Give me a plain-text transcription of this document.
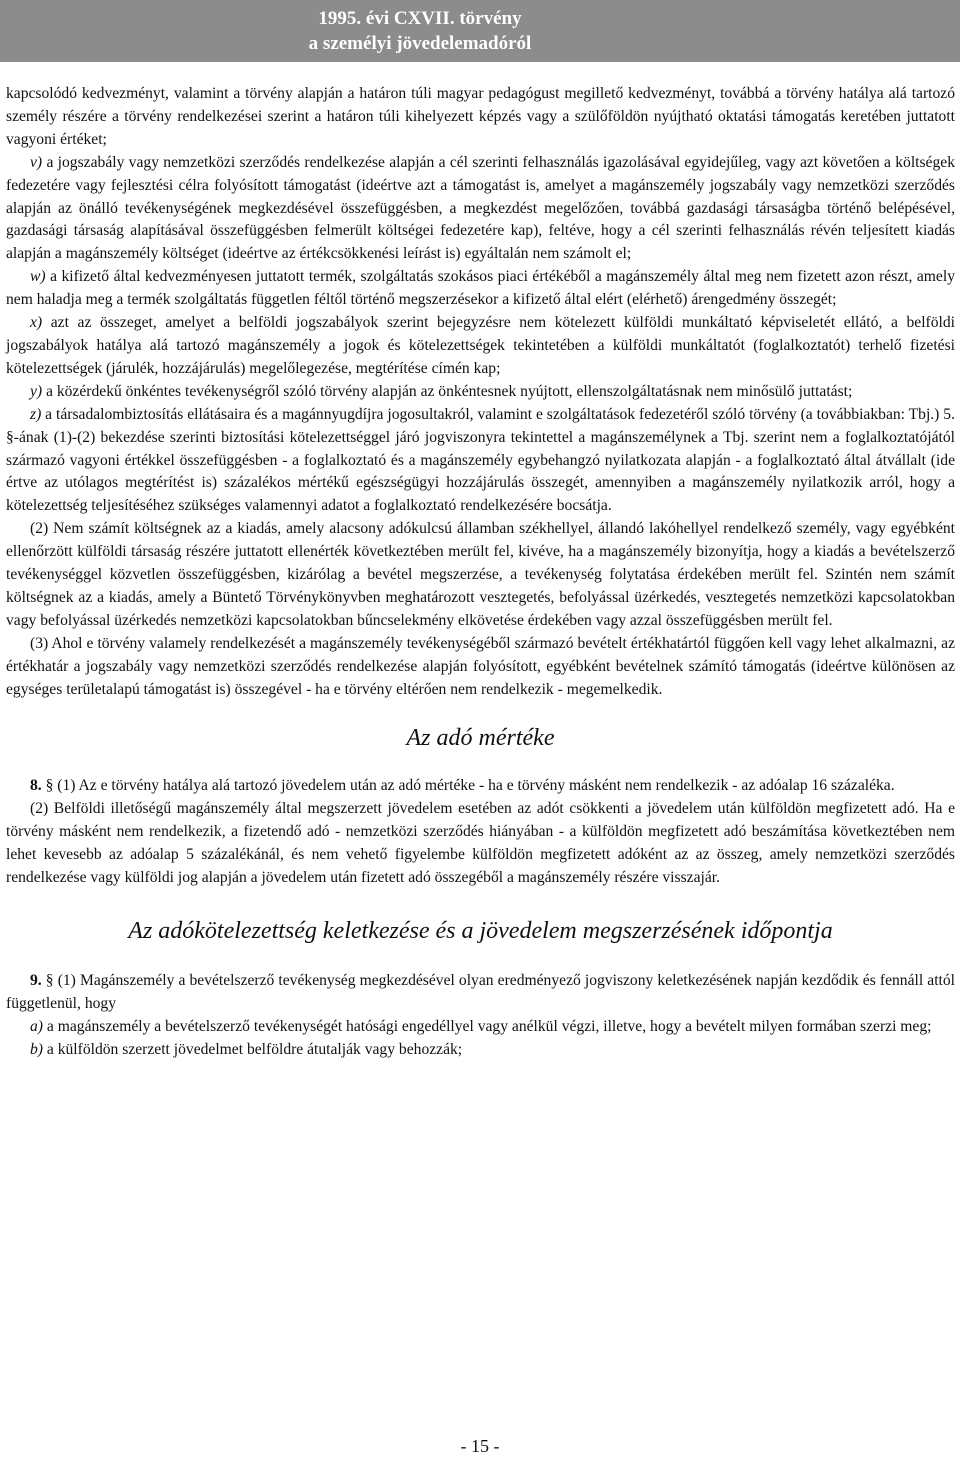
1995. évi CXVII. törvény
a személyi jövedelemadóról

kapcsolódó kedvezményt, valamint a törvény alapján a határon túli magyar pedagógust megillető kedvezményt, továbbá a törvény hatálya alá tartozó személy részére a törvény rendelkezései szerint a határon túli kihelyezett képzés vagy a szülőföldön nyújtható oktatási támogatás keretében juttatott vagyoni értéket;

v) a jogszabály vagy nemzetközi szerződés rendelkezése alapján a cél szerinti felhasználás igazolásával egyidejűleg, vagy azt követően a költségek fedezetére vagy fejlesztési célra folyósított támogatást (ideértve azt a támogatást is, amelyet a magánszemély jogszabály vagy nemzetközi szerződés alapján az önálló tevékenységének megkezdésével összefüggésben, a megkezdést megelőzően, továbbá gazdasági társaságba történő belépésével, gazdasági társaság alapításával összefüggésben felmerült költségei fedezetére kap), feltéve, hogy a cél szerinti felhasználás révén teljesített kiadás alapján a magánszemély költséget (ideértve az értékcsökkenési leírást is) egyáltalán nem számolt el;

w) a kifizető által kedvezményesen juttatott termék, szolgáltatás szokásos piaci értékéből a magánszemély által meg nem fizetett azon részt, amely nem haladja meg a termék szolgáltatás független féltől történő megszerzésekor a kifizető által elért (elérhető) árengedmény összegét;

x) azt az összeget, amelyet a belföldi jogszabályok szerint bejegyzésre nem kötelezett külföldi munkáltató képviseletét ellátó, a belföldi jogszabályok hatálya alá tartozó magánszemély a jogok és kötelezettségek tekintetében a külföldi munkáltatót (foglalkoztatót) terhelő fizetési kötelezettségek (járulék, hozzájárulás) megelőlegezése, megtérítése címén kap;

y) a közérdekű önkéntes tevékenységről szóló törvény alapján az önkéntesnek nyújtott, ellenszolgáltatásnak nem minősülő juttatást;

z) a társadalombiztosítás ellátásaira és a magánnyugdíjra jogosultakról, valamint e szolgáltatások fedezetéről szóló törvény (a továbbiakban: Tbj.) 5. §-ának (1)-(2) bekezdése szerinti biztosítási kötelezettséggel járó jogviszonyra tekintettel a magánszemélynek a Tbj. szerint nem a foglalkoztatójától származó vagyoni értékkel összefüggésben - a foglalkoztató és a magánszemély egybehangzó nyilatkozata alapján - a foglalkoztató által átvállalt (ide értve az utólagos megtérítést is) százalékos mértékű egészségügyi hozzájárulás összegét, amennyiben a magánszemély nyilatkozik arról, hogy a kötelezettség teljesítéséhez szükséges valamennyi adatot a foglalkoztató rendelkezésére bocsátja.

(2) Nem számít költségnek az a kiadás, amely alacsony adókulcsú államban székhellyel, állandó lakóhellyel rendelkező személy, vagy egyébként ellenőrzött külföldi társaság részére juttatott ellenérték következtében merült fel, kivéve, ha a magánszemély bizonyítja, hogy a kiadás a bevételszerző tevékenységgel közvetlen összefüggésben, kizárólag a bevétel megszerzése, a tevékenység folytatása érdekében merült fel. Szintén nem számít költségnek az a kiadás, amely a Büntető Törvénykönyvben meghatározott vesztegetés, befolyással üzérkedés, vesztegetés nemzetközi kapcsolatokban vagy befolyással üzérkedés nemzetközi kapcsolatokban bűncselekmény elkövetése érdekében vagy azzal összefüggésben merült fel.

(3) Ahol e törvény valamely rendelkezését a magánszemély tevékenységéből származó bevételt értékhatártól függően kell vagy lehet alkalmazni, az értékhatár a jogszabály vagy nemzetközi szerződés rendelkezése alapján folyósított, egyébként bevételnek számító támogatás (ideértve különösen az egységes területalapú támogatást is) összegével - ha e törvény eltérően nem rendelkezik - megemelkedik.

Az adó mértéke

8. § (1) Az e törvény hatálya alá tartozó jövedelem után az adó mértéke - ha e törvény másként nem rendelkezik - az adóalap 16 százaléka.

(2) Belföldi illetőségű magánszemély által megszerzett jövedelem esetében az adót csökkenti a jövedelem után külföldön megfizetett adó. Ha e törvény másként nem rendelkezik, a fizetendő adó - nemzetközi szerződés hiányában - a külföldön megfizetett adó beszámítása következtében nem lehet kevesebb az adóalap 5 százalékánál, és nem vehető figyelembe külföldön megfizetett adóként az az összeg, amely nemzetközi szerződés rendelkezése vagy külföldi jog alapján a jövedelem után fizetett adó összegéből a magánszemély részére visszajár.

Az adókötelezettség keletkezése és a jövedelem megszerzésének időpontja

9. § (1) Magánszemély a bevételszerző tevékenység megkezdésével olyan eredményező jogviszony keletkezésének napján kezdődik és fennáll attól függetlenül, hogy

a) a magánszemély a bevételszerző tevékenységét hatósági engedéllyel vagy anélkül végzi, illetve, hogy a bevételt milyen formában szerzi meg;

b) a külföldön szerzett jövedelmet belföldre átutalják vagy behozzák;

- 15 -
